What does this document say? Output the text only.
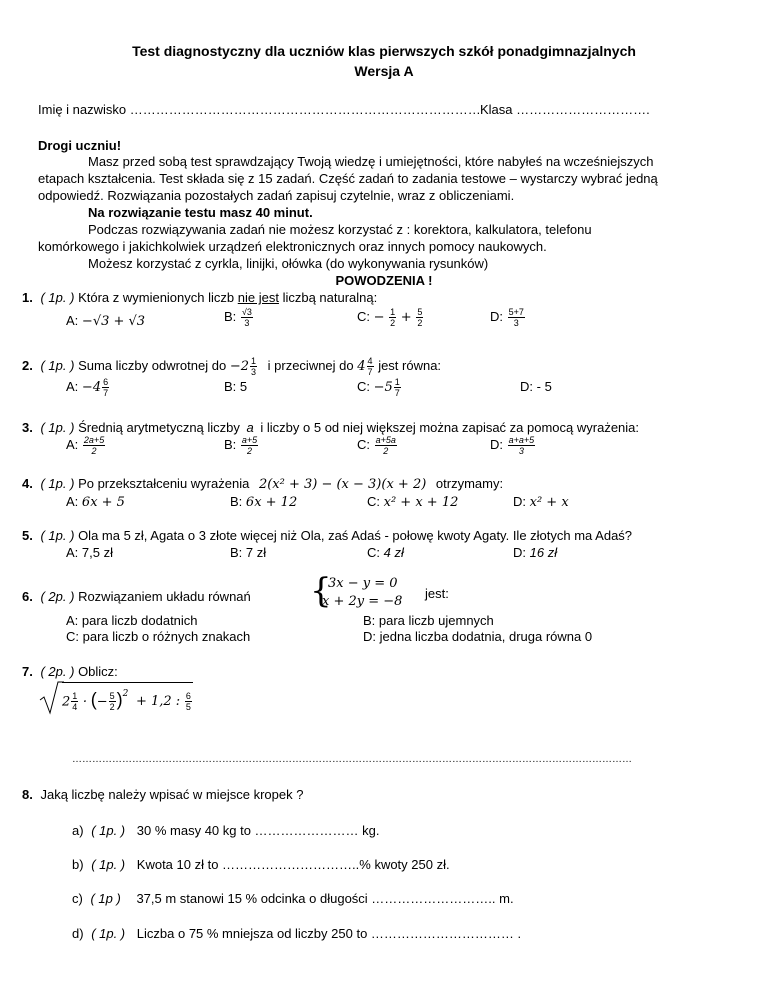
Test diagnostyczny dla uczniów klas pierwszych szkół ponadgimnazjalnych
Wersja A
Imię i nazwisko ……………………………………………………………………… Klasa ………………………….
Drogi uczniu!
Masz przed sobą test sprawdzający Twoją wiedzę i umiejętności, które nabyłeś na wcześniejszych
etapach kształcenia. Test składa się z 15 zadań. Część zadań to zadania testowe – wystarczy wybrać jedną
odpowiedź. Rozwiązania pozostałych zadań zapisuj czytelnie, wraz z obliczeniami.
Na rozwiązanie testu masz 40 minut.
Podczas rozwiązywania zadań nie możesz korzystać z : korektora, kalkulatora, telefonu
komórkowego i jakichkolwiek urządzeń elektronicznych oraz innych pomocy naukowych.
Możesz korzystać z cyrkla, linijki, ołówka (do wykonywania rysunków)
POWODZENIA !
1. ( 1p. ) Która z wymienionych liczb nie jest liczbą naturalną:
A: −√3 + √3	B: $\frac{√3}{3}$	C: − $\frac{1}{2} + \frac{5}{2}$	D: $\frac{5+7}{3}$
2. ( 1p. ) Suma liczby odwrotnej do $-2 \frac{1}{3}$ i przeciwnej do $4 \frac{4}{7}$ jest równa:
A: $-4 \frac{6}{7}$	B: 5	C: $-5 \frac{1}{7}$	D: - 5
3. ( 1p. ) Średnią arytmetyczną liczby a i liczby o 5 od niej większej można zapisać za pomocą wyrażenia:
A: $\frac{2a+5}{2}$	B: $\frac{a+5}{2}$	C: $\frac{a+5a}{2}$	D: $\frac{a+a+5}{3}$
4. ( 1p. ) Po przekształceniu wyrażenia 2(x² + 3) − (x − 3)(x + 2) otrzymamy:
A: 6x + 5	B: 6x + 12	C: x² + x + 12	D: x² + x
5. ( 1p. ) Ola ma 5 zł, Agata o 3 złote więcej niż Ola, zaś Adaś - połowę kwoty Agaty. Ile złotych ma Adaś?
A: 7,5 zł	B: 7 zł	C: 4 zł	D: 16 zł
6. ( 2p. ) Rozwiązaniem układu równań {
3x − y = 0
x + 2y = −8
jest:
A: para liczb dodatnich	B: para liczb ujemnych
C: para liczb o różnych znakach	D: jedna liczba dodatnia, druga równa 0
7. ( 2p. ) Oblicz:
$2 \frac{1}{4}$ · (− $\frac{5}{2} )^2 + 1,2$ : $\frac{6}{5}$
……………………………………………………………………………………………………………………………………………………
8. Jaką liczbę należy wpisać w miejsce kropek ?
a) ( 1p. ) 30 % masy 40 kg to …………………… kg.
b) ( 1p. ) Kwota 10 zł to …………………………..% kwoty 250 zł.
c) ( 1p ) 37,5 m stanowi 15 % odcinka o długości ……………………….. m.
d) ( 1p. ) Liczba o 75 % mniejsza od liczby 250 to …………………………… .
